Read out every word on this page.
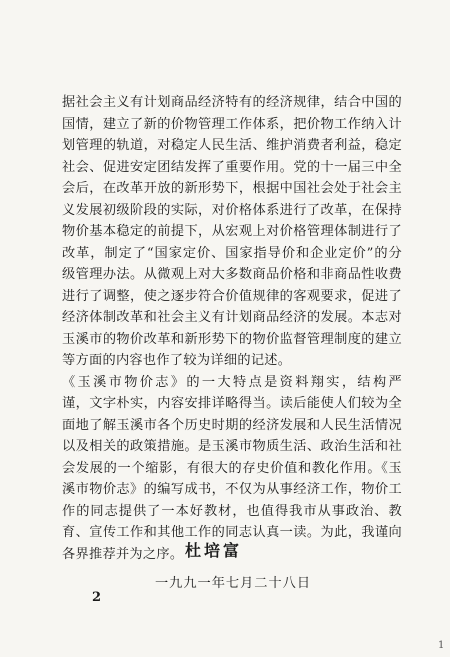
据社会主义有计划商品经济特有的经济规律，结合中国的
国情，建立了新的价物管理工作体系，把价物工作纳入计
划管理的轨道，对稳定人民生活、维护消费者利益，稳定
社会、促进安定团结发挥了重要作用。党的十一届三中全
会后，在改革开放的新形势下，根据中国社会处于社会主
义发展初级阶段的实际，对价格体系进行了改革，在保持
物价基本稳定的前提下，从宏观上对价格管理体制进行了
改革，制定了“国家定价、国家指导价和企业定价”的分
级管理办法。从微观上对大多数商品价格和非商品性收费
进行了调整，使之逐步符合价值规律的客观要求，促进了
经济体制改革和社会主义有计划商品经济的发展。本志对
玉溪市的物价改革和新形势下的物价监督管理制度的建立
等方面的内容也作了较为详细的记述。
《玉溪市物价志》的一大特点是资料翔实，结构严
谨，文字朴实，内容安排详略得当。读后能使人们较为全
面地了解玉溪市各个历史时期的经济发展和人民生活情况
以及相关的政策措施。是玉溪市物质生活、政治生活和社
会发展的一个缩影，有很大的存史价值和教化作用。《玉
溪市物价志》的编写成书，不仅为从事经济工作，物价工
作的同志提供了一本好教材，也值得我市从事政治、教
育、宣传工作和其他工作的同志认真一读。为此，我谨向
各界推荐并为之序。 杜培富
一九九一年七月二十八日
2
1
